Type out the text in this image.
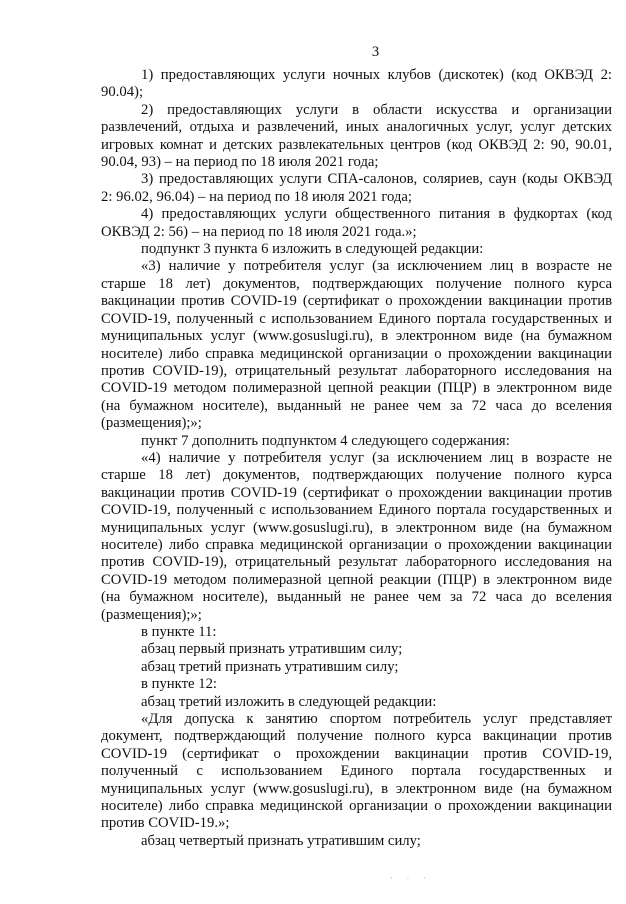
3

1) предоставляющих услуги ночных клубов (дискотек) (код ОКВЭД 2: 90.04);

2) предоставляющих услуги в области искусства и организации развлечений, отдыха и развлечений, иных аналогичных услуг, услуг детских игровых комнат и детских развлекательных центров (код ОКВЭД 2: 90, 90.01, 90.04, 93) – на период по 18 июля 2021 года;

3) предоставляющих услуги СПА-салонов, соляриев, саун (коды ОКВЭД 2: 96.02, 96.04) – на период по 18 июля 2021 года;

4) предоставляющих услуги общественного питания в фудкортах (код ОКВЭД 2: 56) – на период по 18 июля 2021 года.»;

подпункт 3 пункта 6 изложить в следующей редакции:

«3) наличие у потребителя услуг (за исключением лиц в возрасте не старше 18 лет) документов, подтверждающих получение полного курса вакцинации против COVID-19 (сертификат о прохождении вакцинации против COVID-19, полученный с использованием Единого портала государственных и муниципальных услуг (www.gosuslugi.ru), в электронном виде (на бумажном носителе) либо справка медицинской организации о прохождении вакцинации против COVID-19), отрицательный результат лабораторного исследования на COVID-19 методом полимеразной цепной реакции (ПЦР) в электронном виде (на бумажном носителе), выданный не ранее чем за 72 часа до вселения (размещения);»;

пункт 7 дополнить подпунктом 4 следующего содержания:

«4) наличие у потребителя услуг (за исключением лиц в возрасте не старше 18 лет) документов, подтверждающих получение полного курса вакцинации против COVID-19 (сертификат о прохождении вакцинации против COVID-19, полученный с использованием Единого портала государственных и муниципальных услуг (www.gosuslugi.ru), в электронном виде (на бумажном носителе) либо справка медицинской организации о прохождении вакцинации против COVID-19), отрицательный результат лабораторного исследования на COVID-19 методом полимеразной цепной реакции (ПЦР) в электронном виде (на бумажном носителе), выданный не ранее чем за 72 часа до вселения (размещения);»;

в пункте 11:

абзац первый признать утратившим силу;

абзац третий признать утратившим силу;

в пункте 12:

абзац третий изложить в следующей редакции:

«Для допуска к занятию спортом потребитель услуг представляет документ, подтверждающий получение полного курса вакцинации против COVID-19 (сертификат о прохождении вакцинации против COVID-19, полученный с использованием Единого портала государственных и муниципальных услуг (www.gosuslugi.ru), в электронном виде (на бумажном носителе) либо справка медицинской организации о прохождении вакцинации против COVID-19.»;

абзац четвертый признать утратившим силу;

· · ·
